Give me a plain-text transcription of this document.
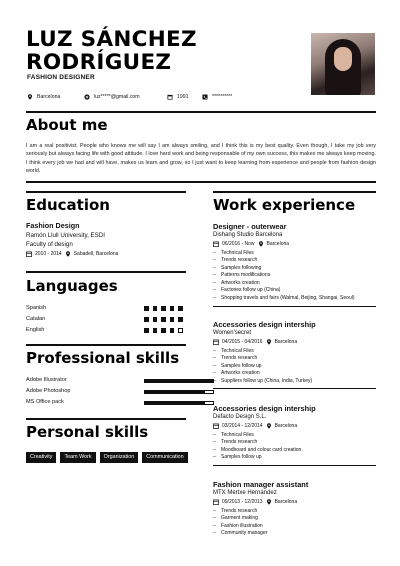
LUZ SÁNCHEZ
RODRÍGUEZ
FASHION DESIGNER
Barcelona	luz*****@gmail.com	1991	**********
About me
I am a real positivist. People who knows me will say I am always smiling, and I think this is my best quality. Even though, I take my job very seriously but always facing life with good attitude. I love hard work and being responsable of my own success, this makes me always keep moving. I think every job we had and will have, makes us learn and grow, so I just want to keep learning from experience and people from fashion design world.
Education
Fashion Design
Ramón Llull University, ESDI
Faculty of design
2010 - 2014 Sabadell, Barcelona
Languages
Spanish
Catalan
English
Professional skills
Adobe Illustrator
Adobe Photoshop
MS Office pack
Personal skills
Creativity	Team Work	Organization	Communication
Work experience
Designer - outerwear
Dishang Studio Barcelona
06/2016 - Now Barcelona
– Technical Files
– Trends research
– Samples following
– Patterns modifications
– Artworks creation
– Factories follow up (China)
– Shopping travels and fairs (Walmal, Beijing, Shangai, Seoul)
Accessories design intership
Women'secret
04/2015 - 04/2016 Barcelona
– Technical Files
– Trends research
– Samples follow up
– Artworks creation
– Suppliers follow up (China, India, Turkey)
Accessories design intership
Defacto Design S.L.
03/2014 - 12/2014 Barcelona
– Technical Files
– Trends research
– Moodboard and colour card creation
– Samples follow up
Fashion manager assistant
MTX Mertxe Hernández
09/2013 - 12/2013 Barcelona
– Trends research
– Garment making
– Fashion illustration
– Community manager
